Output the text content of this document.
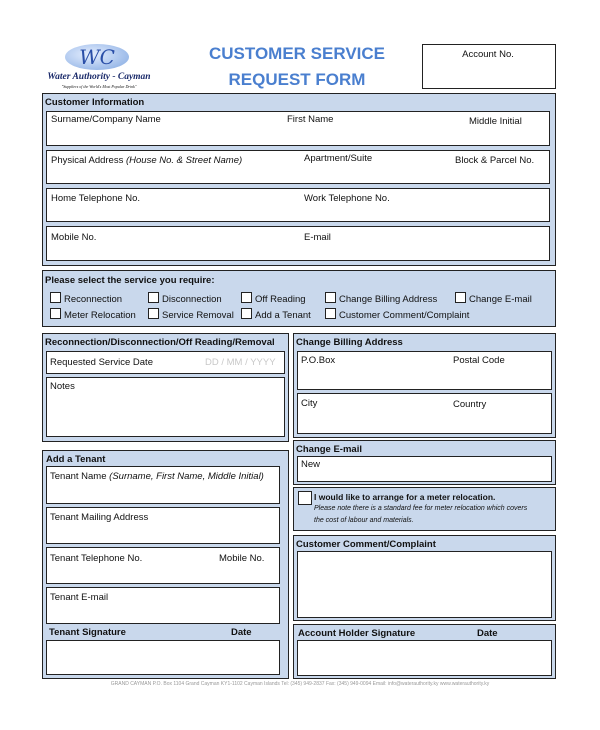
WC
Water Authority - Cayman
"Suppliers of the World's Most Popular Drink"
CUSTOMER SERVICE
REQUEST FORM
Account No.
Customer Information
Surname/Company Name	First Name	Middle Initial
Physical Address (House No. & Street Name)	Apartment/Suite	Block & Parcel No.
Home Telephone No.	Work Telephone No.
Mobile No.	E-mail
Please select the service you require:
Reconnection	Disconnection	Off Reading	Change Billing Address	Change E-mail
Meter Relocation	Service Removal	Add a Tenant	Customer Comment/Complaint
Reconnection/Disconnection/Off Reading/Removal
Requested Service Date	DD / MM / YYYY
Notes
Change Billing Address
P.O.Box	Postal Code
City	Country
Change E-mail
New
I would like to arrange for a meter relocation.
Please note there is a standard fee for meter relocation which covers
the cost of labour and materials.
Customer Comment/Complaint
Account Holder Signature	Date
Add a Tenant
Tenant Name (Surname, First Name, Middle Initial)
Tenant Mailing Address
Tenant Telephone No.	Mobile No.
Tenant E-mail
Tenant Signature	Date
GRAND CAYMAN P.O. Box 1104 Grand Cayman KY1-1102 Cayman Islands Tel: (345) 949-2837 Fax: (345) 949-0094 Email: info@waterauthority.ky www.waterauthority.ky
